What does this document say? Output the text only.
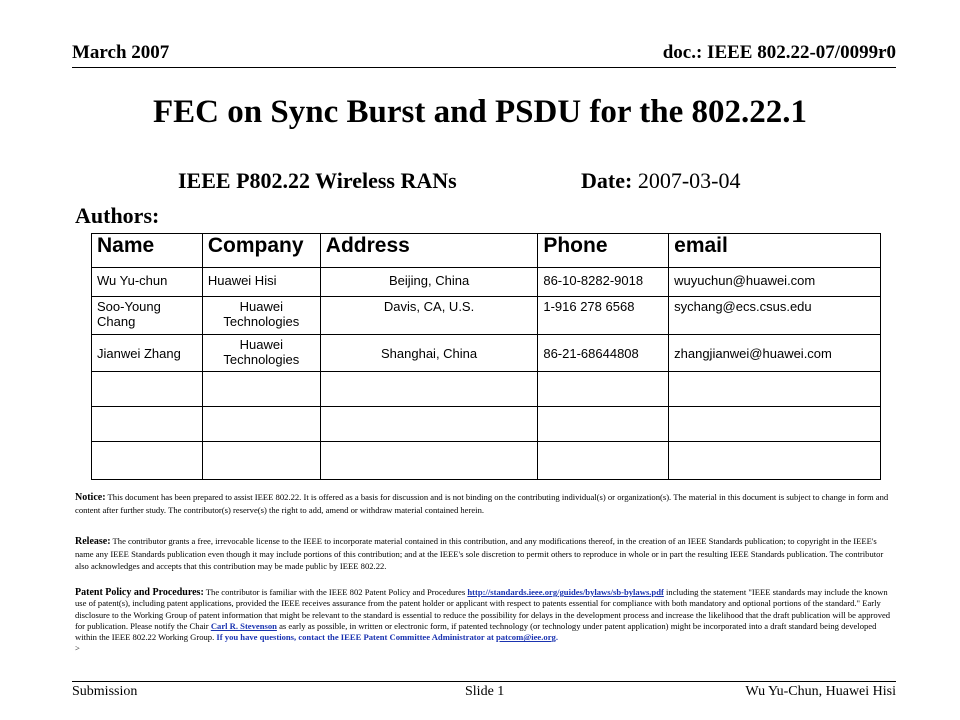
March 2007	doc.: IEEE 802.22-07/0099r0
FEC on Sync Burst and PSDU for the 802.22.1
IEEE P802.22 Wireless RANs	Date: 2007-03-04
Authors:
Name	Company	Address	Phone	email
Wu Yu-chun	Huawei Hisi	Beijing, China	86-10-8282-9018	wuyuchun@huawei.com
Soo-Young Chang	Huawei Technologies	Davis, CA, U.S.	1-916 278 6568	sychang@ecs.csus.edu
Jianwei Zhang	Huawei Technologies	Shanghai, China	86-21-68644808	zhangjianwei@huawei.com

Notice: This document has been prepared to assist IEEE 802.22. It is offered as a basis for discussion and is not binding on the contributing individual(s) or organization(s). The material in this document is subject to change in form and content after further study. The contributor(s) reserve(s) the right to add, amend or withdraw material contained herein.
Release: The contributor grants a free, irrevocable license to the IEEE to incorporate material contained in this contribution, and any modifications thereof, in the creation of an IEEE Standards publication; to copyright in the IEEE's name any IEEE Standards publication even though it may include portions of this contribution; and at the IEEE's sole discretion to permit others to reproduce in whole or in part the resulting IEEE Standards publication. The contributor also acknowledges and accepts that this contribution may be made public by IEEE 802.22.
Patent Policy and Procedures: The contributor is familiar with the IEEE 802 Patent Policy and Procedures http://standards.ieee.org/guides/bylaws/sb-bylaws.pdf including the statement "IEEE standards may include the known use of patent(s), including patent applications, provided the IEEE receives assurance from the patent holder or applicant with respect to patents essential for compliance with both mandatory and optional portions of the standard." Early disclosure to the Working Group of patent information that might be relevant to the standard is essential to reduce the possibility for delays in the development process and increase the likelihood that the draft publication will be approved for publication. Please notify the Chair Carl R. Stevenson as early as possible, in written or electronic form, if patented technology (or technology under patent application) might be incorporated into a draft standard being developed within the IEEE 802.22 Working Group. If you have questions, contact the IEEE Patent Committee Administrator at patcom@iee.org.
>
Submission	Slide 1	Wu Yu-Chun, Huawei Hisi
